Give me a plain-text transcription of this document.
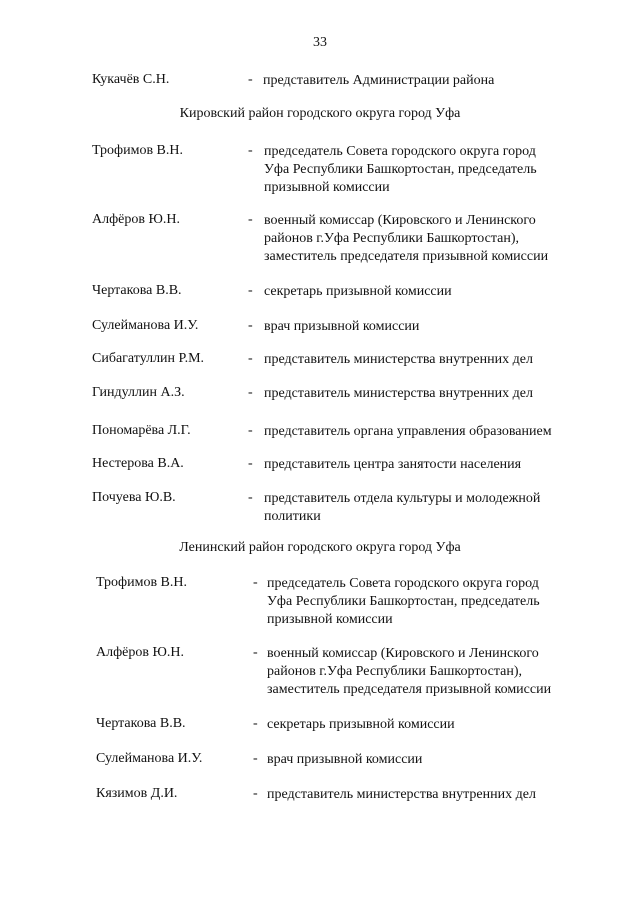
33
Кукачёв С.Н.	- представитель Администрации района
Кировский район городского округа город Уфа
Трофимов В.Н.	- председатель Совета городского округа город
Уфа Республики Башкортостан, председатель
призывной комиссии
Алфёров Ю.Н.	- военный комиссар (Кировского и Ленинского
районов г.Уфа Республики Башкортостан),
заместитель председателя призывной комиссии
Чертакова В.В.	- секретарь призывной комиссии
Сулейманова И.У.	- врач призывной комиссии
Сибагатуллин Р.М.	- представитель министерства внутренних дел
Гиндуллин А.З.	- представитель министерства внутренних дел
Пономарёва Л.Г.	- представитель органа управления образованием
Нестерова В.А.	- представитель центра занятости населения
Почуева Ю.В.	- представитель отдела культуры и молодежной
политики
Ленинский район городского округа город Уфа
Трофимов В.Н.	- председатель Совета городского округа город
Уфа Республики Башкортостан, председатель
призывной комиссии
Алфёров Ю.Н.	- военный комиссар (Кировского и Ленинского
районов г.Уфа Республики Башкортостан),
заместитель председателя призывной комиссии
Чертакова В.В.	- секретарь призывной комиссии
Сулейманова И.У.	- врач призывной комиссии
Кязимов Д.И.	- представитель министерства внутренних дел
